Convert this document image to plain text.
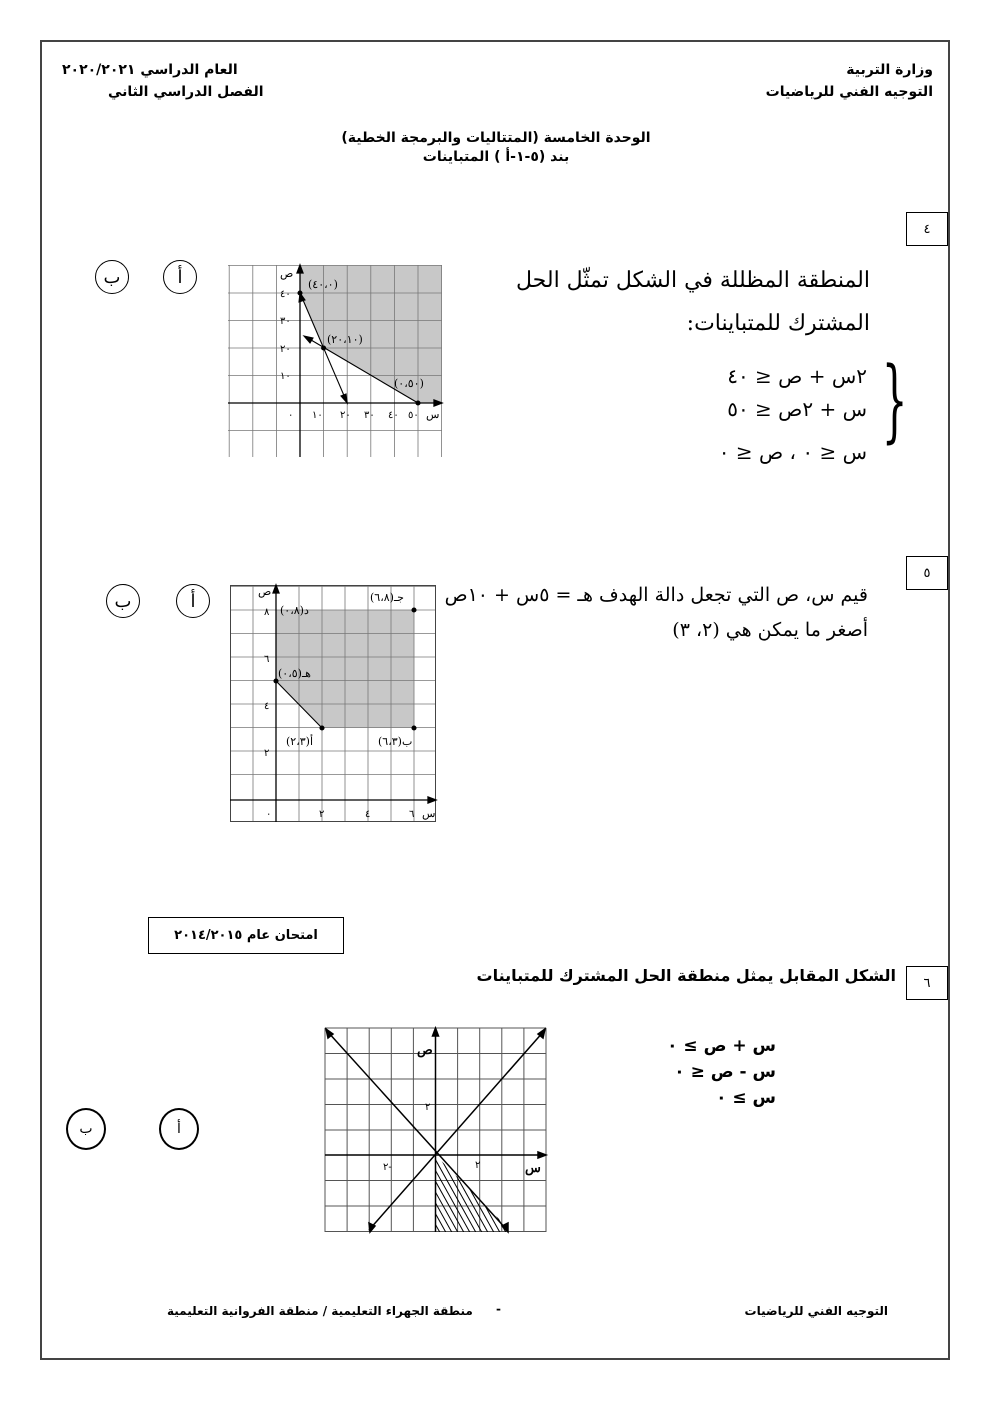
وزارة التربية
التوجيه الفني للرياضيات
العام الدراسي ٢٠٢٠/٢٠٢١
الفصل الدراسي الثاني
الوحدة الخامسة (المتتاليات والبرمجة الخطية)
بند (٥-١-أ ) المتباينات
٤
المنطقة المظللة في الشكل تمثّل الحل
المشترك للمتباينات:
}
٢س + ص ≤ ٤٠
س + ٢ص ≤ ٥٠
س ≤ ٠ ، ص ≤ ٠
أ
ب	(٤٠،٠)
(٢٠،١٠)
(٠،٥٠)
ص
س
٠ ١٠ ٢٠ ٣٠ ٤٠ ٥٠
١٠
٢٠
٣٠
٤٠
٥
قيم س، ص التي تجعل دالة الهدف هـ = ٥س + ١٠ص
أصغر ما يمكن هي (٢، ٣)
أ
ب	د(٠،٨)
جـ(٦،٨)
هـ(٠،٥)
أ(٢،٣)	ب(٦،٣)
ص
س
٠	٢	٤	٦
٢
٤
٦
٨
امتحان عام ٢٠١٤/٢٠١٥
٦
الشكل المقابل يمثل منطقة الحل المشترك للمتباينات
س + ص ≥ ٠
س - ص ≤ ٠
س ≥ ٠
أ
ب
ص
س
٢-	٢
٢
التوجيه الفني للرياضيات
-
منطقة الجهراء التعليمية / منطقة الفروانية التعليمية
